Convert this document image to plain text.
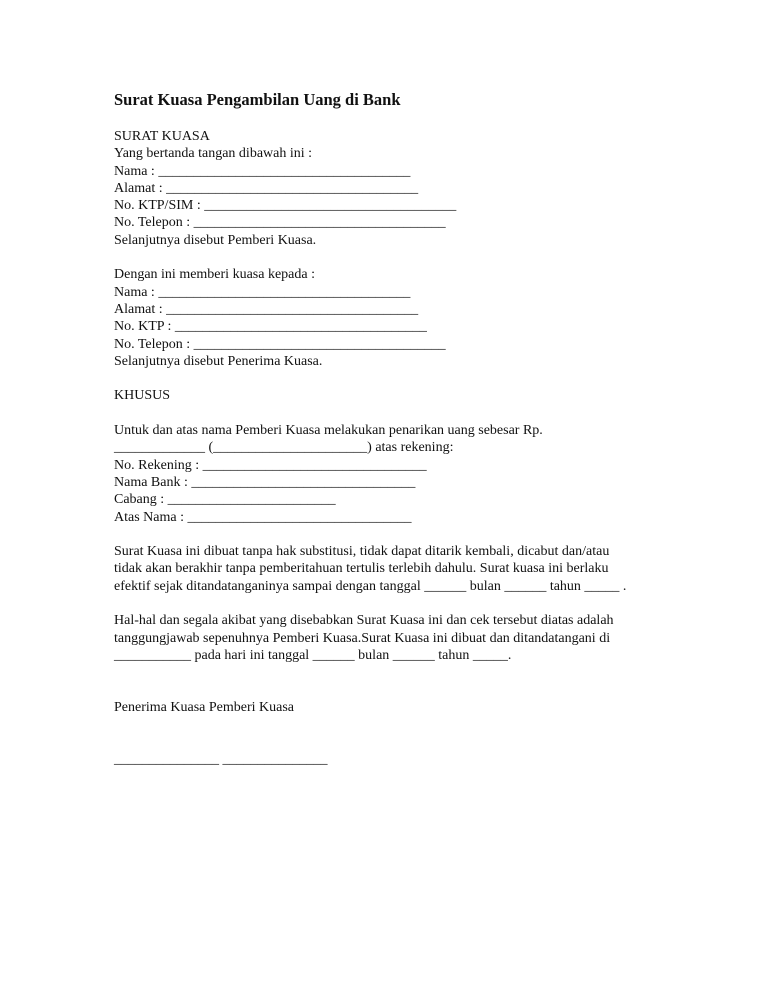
Surat Kuasa Pengambilan Uang di Bank

SURAT KUASA

Yang bertanda tangan dibawah ini :

Nama : ____________________________________

Alamat : ____________________________________

No. KTP/SIM : ____________________________________

No. Telepon : ____________________________________

Selanjutnya disebut Pemberi Kuasa.

Dengan ini memberi kuasa kepada :

Nama : ____________________________________

Alamat : ____________________________________

No. KTP : ____________________________________

No. Telepon : ____________________________________

Selanjutnya disebut Penerima Kuasa.

KHUSUS

Untuk dan atas nama Pemberi Kuasa melakukan penarikan uang sebesar Rp.

_____________ (______________________) atas rekening:

No. Rekening : ________________________________

Nama Bank : ________________________________

Cabang : ________________________

Atas Nama : ________________________________

Surat Kuasa ini dibuat tanpa hak substitusi, tidak dapat ditarik kembali, dicabut dan/atau

tidak akan berakhir tanpa pemberitahuan tertulis terlebih dahulu. Surat kuasa ini berlaku

efektif sejak ditandatanganinya sampai dengan tanggal ______ bulan ______ tahun _____ .

Hal-hal dan segala akibat yang disebabkan Surat Kuasa ini dan cek tersebut diatas adalah

tanggungjawab sepenuhnya Pemberi Kuasa.Surat Kuasa ini dibuat dan ditandatangani di

___________ pada hari ini tanggal ______ bulan ______ tahun _____.

Penerima Kuasa Pemberi Kuasa

_______________ _______________
